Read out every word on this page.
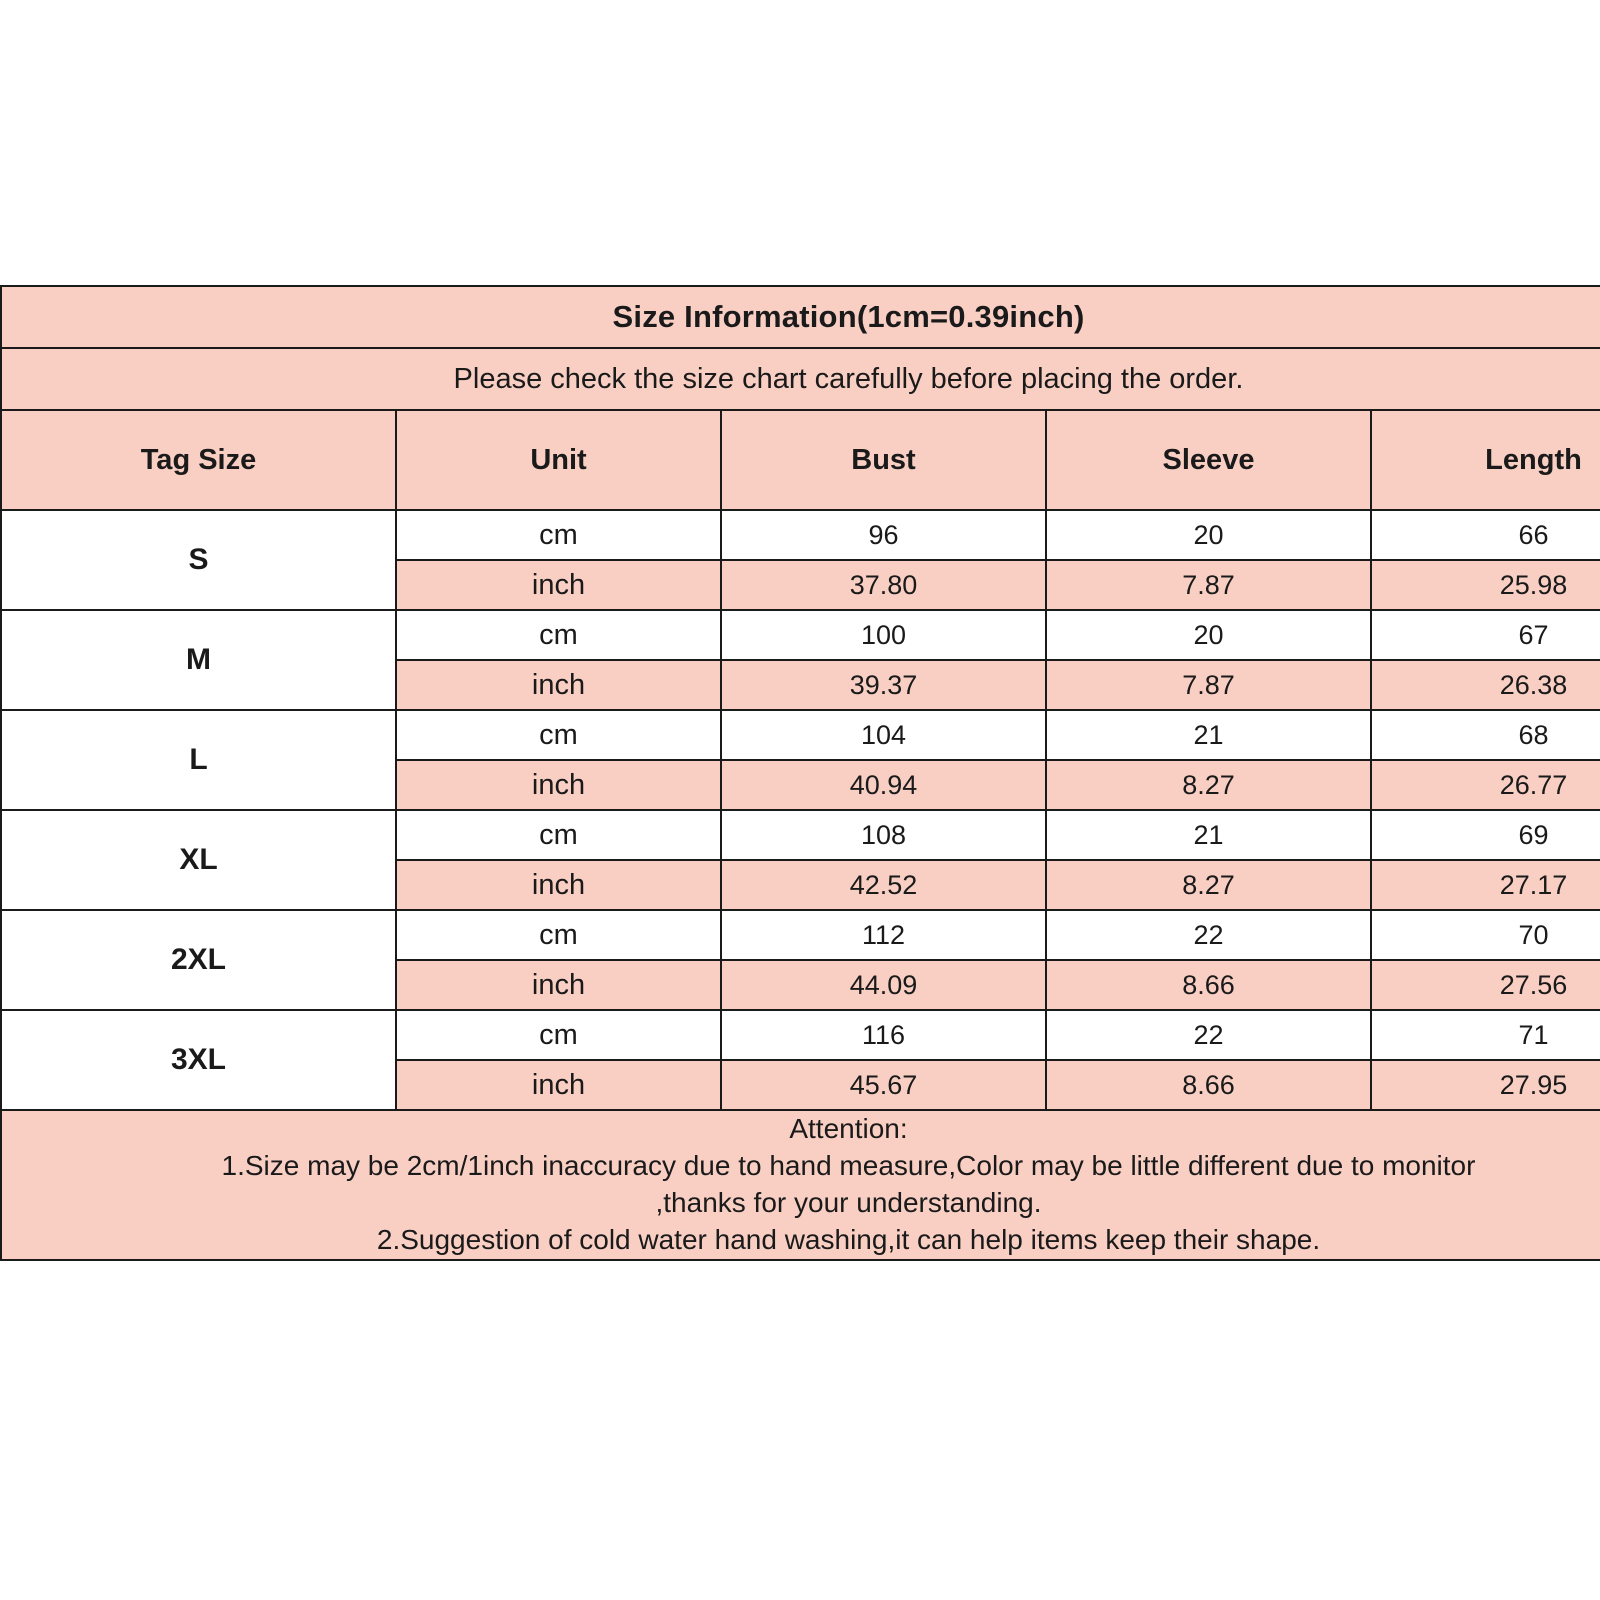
Size Information(1cm=0.39inch)				
Please check the size chart carefully before placing the order.				
Tag Size	Unit	Bust	Sleeve	Length
S	cm	96	20	66
	inch	37.80	7.87	25.98
M	cm	100	20	67
	inch	39.37	7.87	26.38
L	cm	104	21	68
	inch	40.94	8.27	26.77
XL	cm	108	21	69
	inch	42.52	8.27	27.17
2XL	cm	112	22	70
	inch	44.09	8.66	27.56
3XL	cm	116	22	71
	inch	45.67	8.66	27.95

Attention:
1.Size may be 2cm/1inch inaccuracy due to hand measure,Color may be little different due to monitor
,thanks for your understanding.
2.Suggestion of cold water hand washing,it can help items keep their shape.				
